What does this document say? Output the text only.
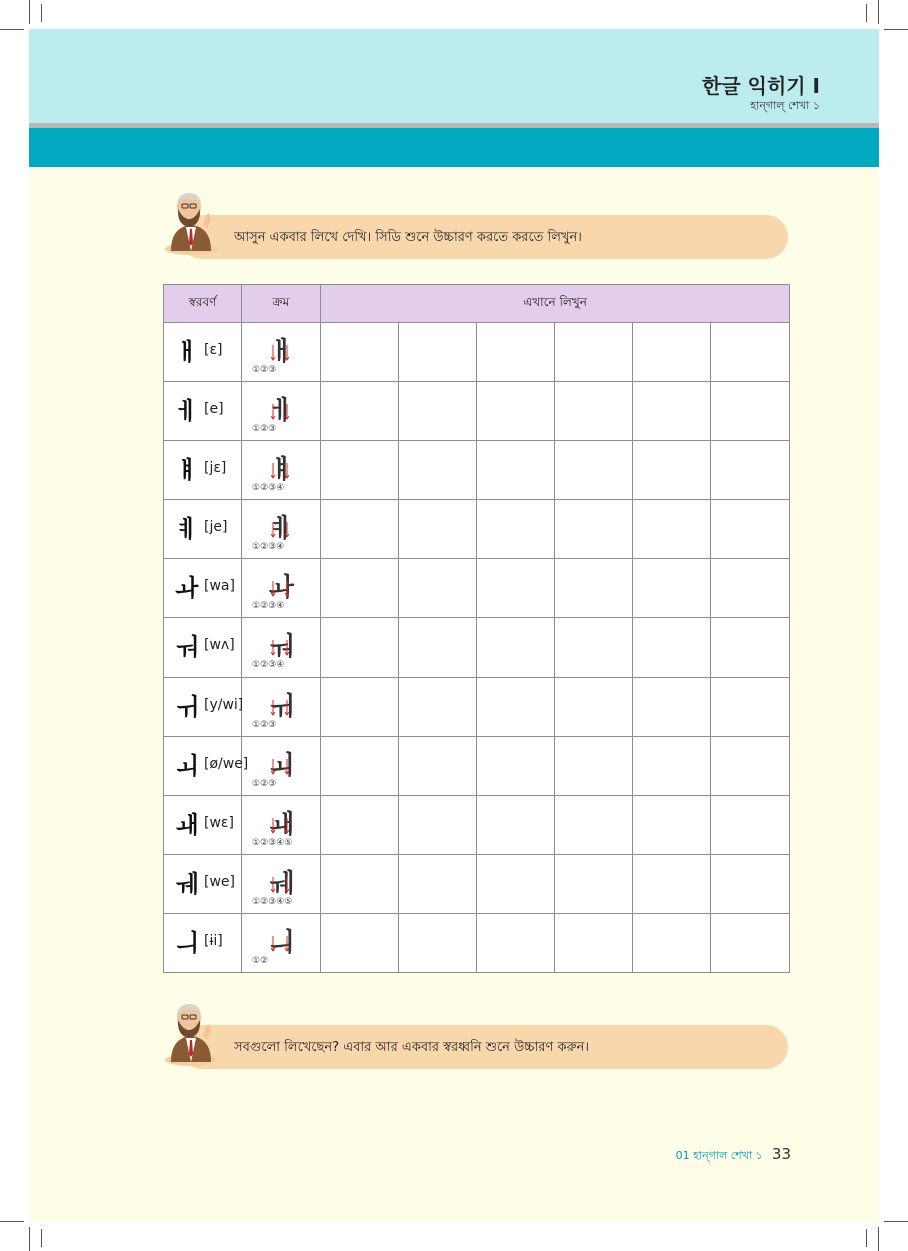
한글 익히기 I
হান্গাল্ শেখা ১
আসুন একবার লিখে দেখি। সিডি শুনে উচ্চারণ করতে করতে লিখুন।
স্বরবর্ণ	ক্রম	এখানে লিখুন					

ㅐ [ɛ]	ㅐ
①②③						

ㅔ [e]	ㅔ
①②③						

ㅒ [jɛ]	ㅒ
①②③④						

ㅖ [je]	ㅖ
①②③④						

ㅘ [wa]	ㅘ
①②③④						

ㅝ [wʌ]	ㅝ
①②③④						

ㅟ [y/wi]	ㅟ
①②③						

ㅚ [ø/we]	ㅚ
①②③						

ㅙ [wɛ]	ㅙ
①②③④⑤						

ㅞ [we]	ㅞ
①②③④⑤						

ㅢ [ɨi]	ㅢ
①②						

সবগুলো লিখেছেন? এবার আর একবার স্বরধ্বনি শুনে উচ্চারণ করুন।
01 হান্গাল শেখা ১ 33
